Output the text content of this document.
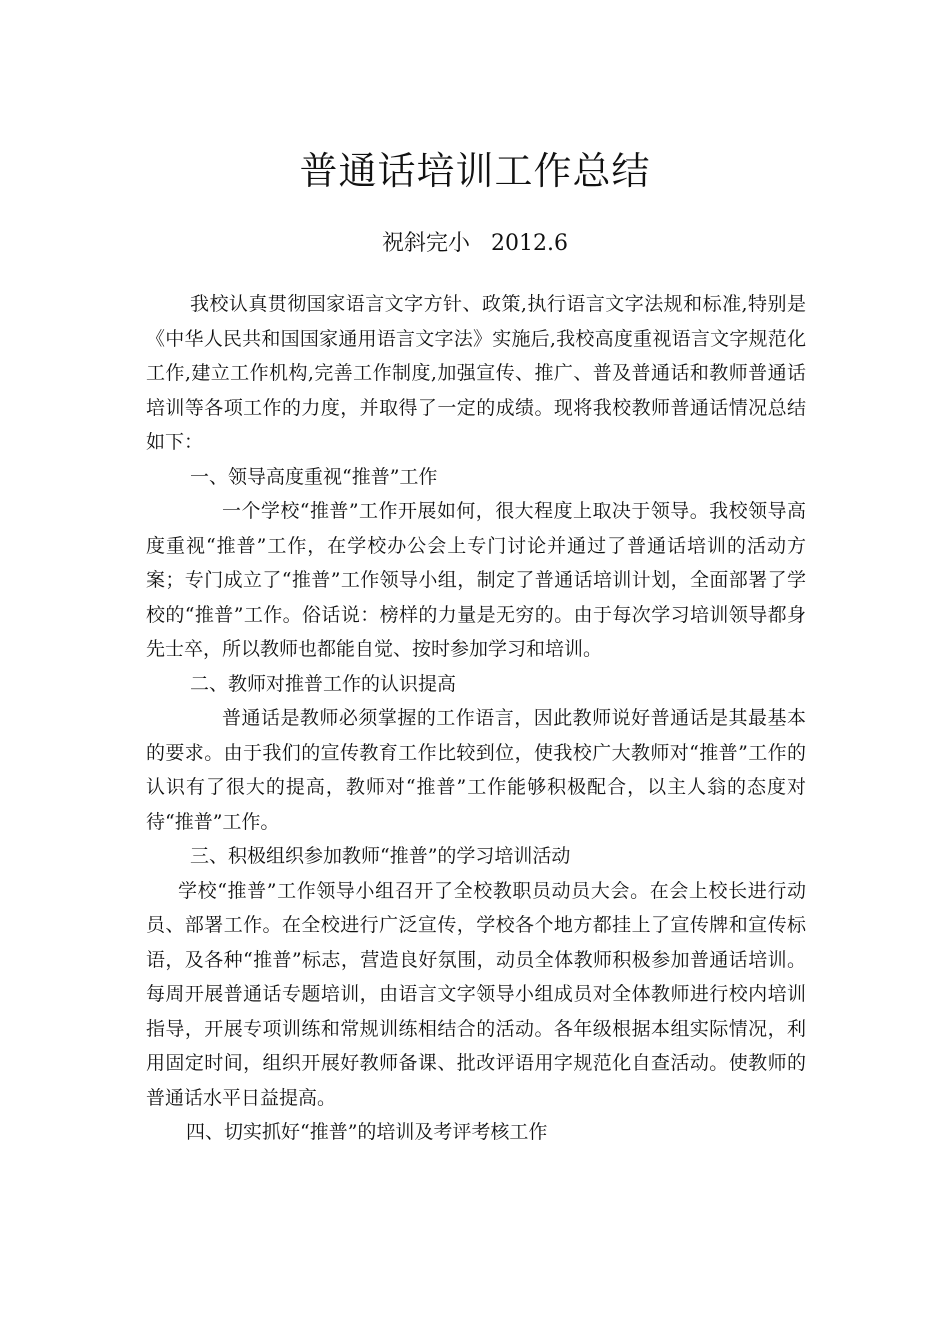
普通话培训工作总结
祝斜完小   2012.6

我校认真贯彻国家语言文字方针、政策,执行语言文字法规和标准,特别是《中华人民共和国国家通用语言文字法》实施后,我校高度重视语言文字规范化工作,建立工作机构,完善工作制度,加强宣传、推广、普及普通话和教师普通话培训等各项工作的力度，并取得了一定的成绩。现将我校教师普通话情况总结如下：

一、领导高度重视“推普”工作

一个学校“推普”工作开展如何，很大程度上取决于领导。我校领导高度重视“推普”工作，在学校办公会上专门讨论并通过了普通话培训的活动方案；专门成立了“推普”工作领导小组，制定了普通话培训计划，全面部署了学校的“推普”工作。俗话说：榜样的力量是无穷的。由于每次学习培训领导都身先士卒，所以教师也都能自觉、按时参加学习和培训。

二、教师对推普工作的认识提高

普通话是教师必须掌握的工作语言，因此教师说好普通话是其最基本的要求。由于我们的宣传教育工作比较到位，使我校广大教师对“推普”工作的认识有了很大的提高，教师对“推普”工作能够积极配合，以主人翁的态度对待“推普”工作。

三、积极组织参加教师“推普”的学习培训活动

学校“推普”工作领导小组召开了全校教职员动员大会。在会上校长进行动员、部署工作。在全校进行广泛宣传，学校各个地方都挂上了宣传牌和宣传标语，及各种“推普”标志，营造良好氛围，动员全体教师积极参加普通话培训。每周开展普通话专题培训，由语言文字领导小组成员对全体教师进行校内培训指导，开展专项训练和常规训练相结合的活动。各年级根据本组实际情况，利用固定时间，组织开展好教师备课、批改评语用字规范化自查活动。使教师的普通话水平日益提高。

四、切实抓好“推普”的培训及考评考核工作
